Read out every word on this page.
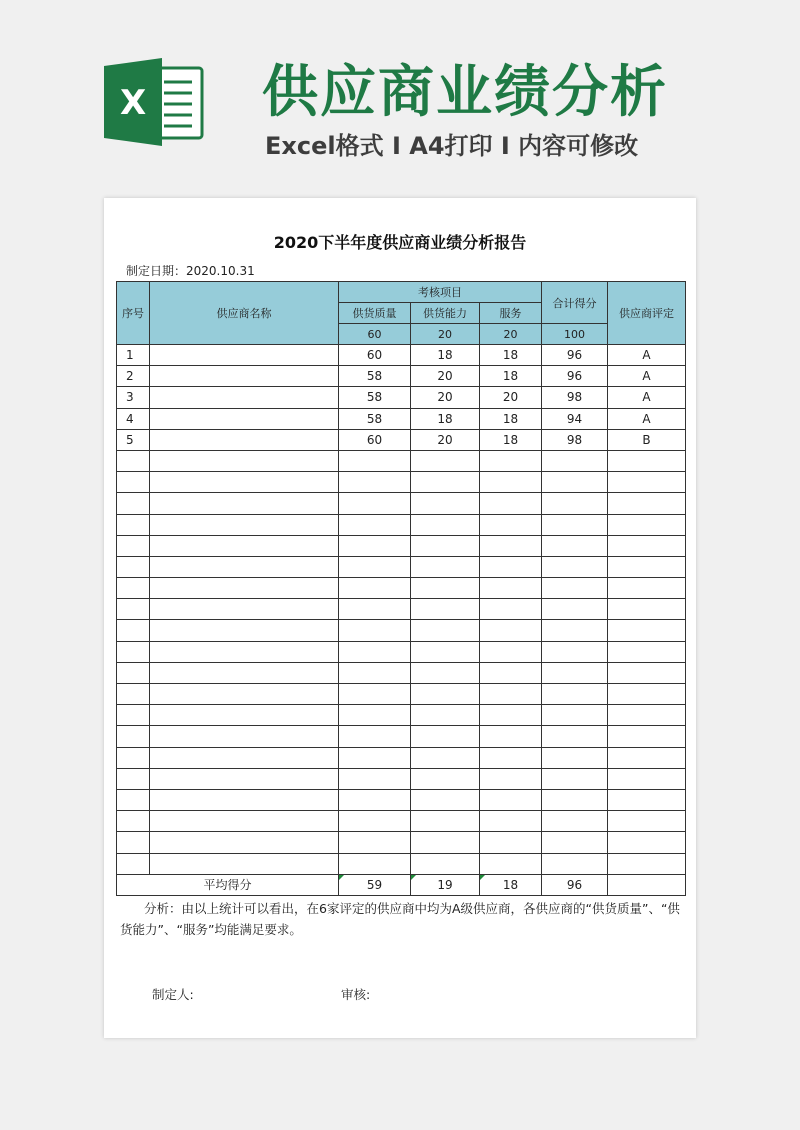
X 供应商业绩分析
Excel格式 I A4打印 I 内容可修改
2020下半年度供应商业绩分析报告
制定日期：2020.10.31
序号	供应商名称	考核项目			合计得分	供应商评定
		供货质量	供货能力	服务		
		60	20	20	100	
1		60	18	18	96	A
2		58	20	18	96	A
3		58	20	20	98	A
4		58	18	18	94	A
5		60	20	18	98	B

平均得分		59	19	18	96	
分析：由以上统计可以看出，在6家评定的供应商中均为A级供应商，各供应商的“供货质量”、“供货能力”、“服务”均能满足要求。
制定人:	审核:
